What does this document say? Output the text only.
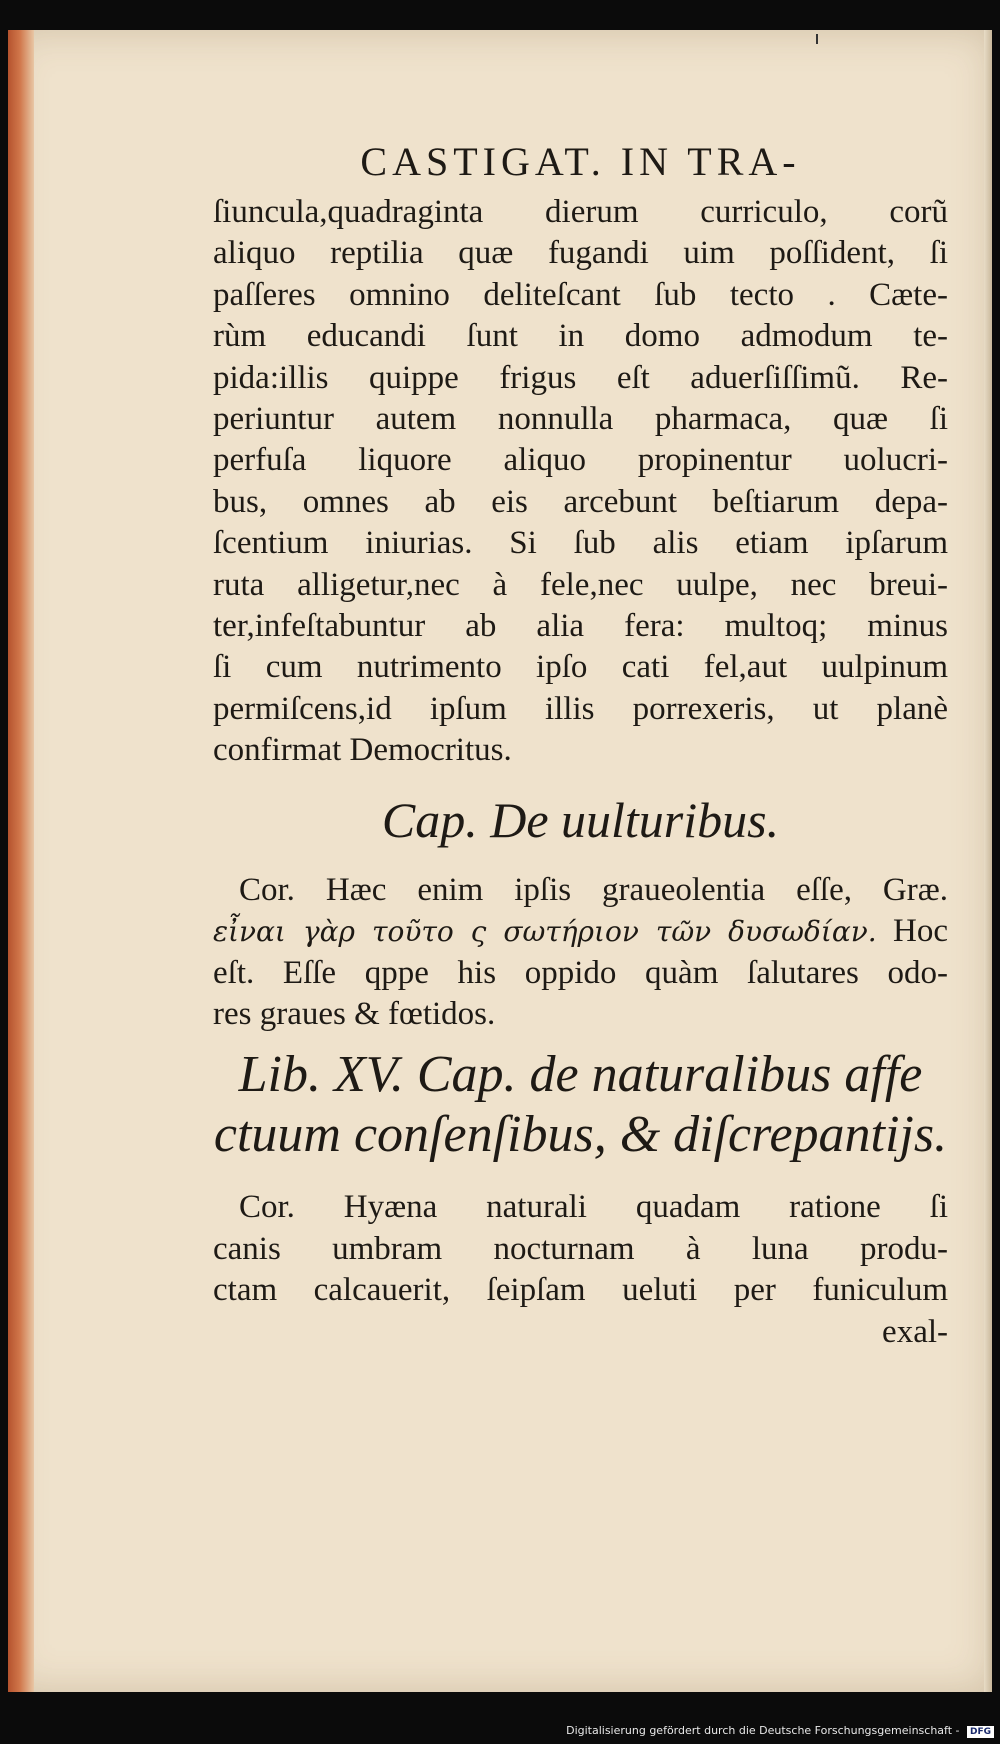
CASTIGAT. IN TRA-
ſiuncula,quadraginta dierum curriculo, corũ
aliquo reptilia quæ fugandi uim poſſident, ſi
paſſeres omnino deliteſcant ſub tecto . Cæte-
rùm educandi ſunt in domo admodum te-
pida:illis quippe frigus eſt aduerſiſſimũ. Re-
periuntur autem nonnulla pharmaca, quæ ſi
perfuſa liquore aliquo propinentur uolucri-
bus, omnes ab eis arcebunt beſtiarum depa-
ſcentium iniurias. Si ſub alis etiam ipſarum
ruta alligetur,nec à fele,nec uulpe, nec breui-
ter,infeſtabuntur ab alia fera: multoq; minus
ſi cum nutrimento ipſo cati fel,aut uulpinum
permiſcens,id ipſum illis porrexeris, ut planè
confirmat Democritus.
Cap. De uulturibus.
Cor. Hæc enim ipſis graueolentia eſſe, Græ.
εἶναι γὰρ τοῦτο ς σωτήριον τῶν δυσωδίαν. Hoc
eſt. Eſſe qppe his oppido quàm ſalutares odo-
res graues & fœtidos.
Lib. XV. Cap. de naturalibus affe
ctuum conſenſibus, & diſcrepantijs.
Cor. Hyæna naturali quadam ratione ſi
canis umbram nocturnam à luna produ-
ctam calcauerit, ſeipſam ueluti per funiculum
exal-
Digitalisierung gefördert durch die Deutsche Forschungsgemeinschaft - DFG
